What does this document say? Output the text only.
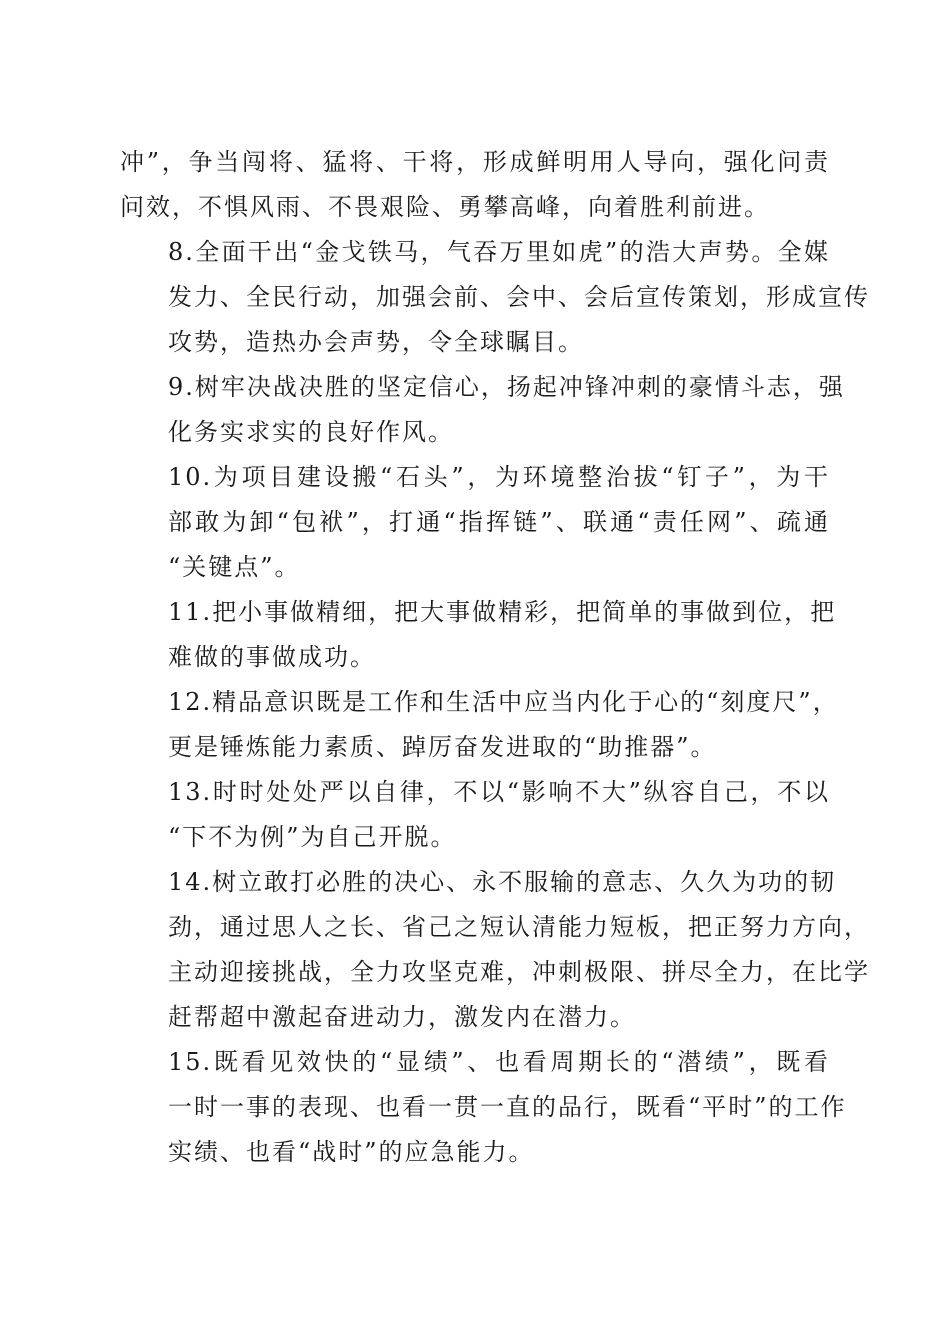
冲”，争当闯将、猛将、干将，形成鲜明用人导向，强化问责
问效，不惧风雨、不畏艰险、勇攀高峰，向着胜利前进。
8.全面干出“金戈铁马，气吞万里如虎”的浩大声势。全媒
发力、全民行动，加强会前、会中、会后宣传策划，形成宣传
攻势，造热办会声势，令全球瞩目。
9.树牢决战决胜的坚定信心，扬起冲锋冲刺的豪情斗志，强
化务实求实的良好作风。
10.为项目建设搬“石头”，为环境整治拔“钉子”，为干
部敢为卸“包袱”，打通“指挥链”、联通“责任网”、疏通
“关键点”。
11.把小事做精细，把大事做精彩，把简单的事做到位，把
难做的事做成功。
12.精品意识既是工作和生活中应当内化于心的“刻度尺”，
更是锤炼能力素质、踔厉奋发进取的“助推器”。
13.时时处处严以自律，不以“影响不大”纵容自己，不以
“下不为例”为自己开脱。
14.树立敢打必胜的决心、永不服输的意志、久久为功的韧
劲，通过思人之长、省己之短认清能力短板，把正努力方向，
主动迎接挑战，全力攻坚克难，冲刺极限、拼尽全力，在比学
赶帮超中激起奋进动力，激发内在潜力。
15.既看见效快的“显绩”、也看周期长的“潜绩”，既看
一时一事的表现、也看一贯一直的品行，既看“平时”的工作
实绩、也看“战时”的应急能力。
